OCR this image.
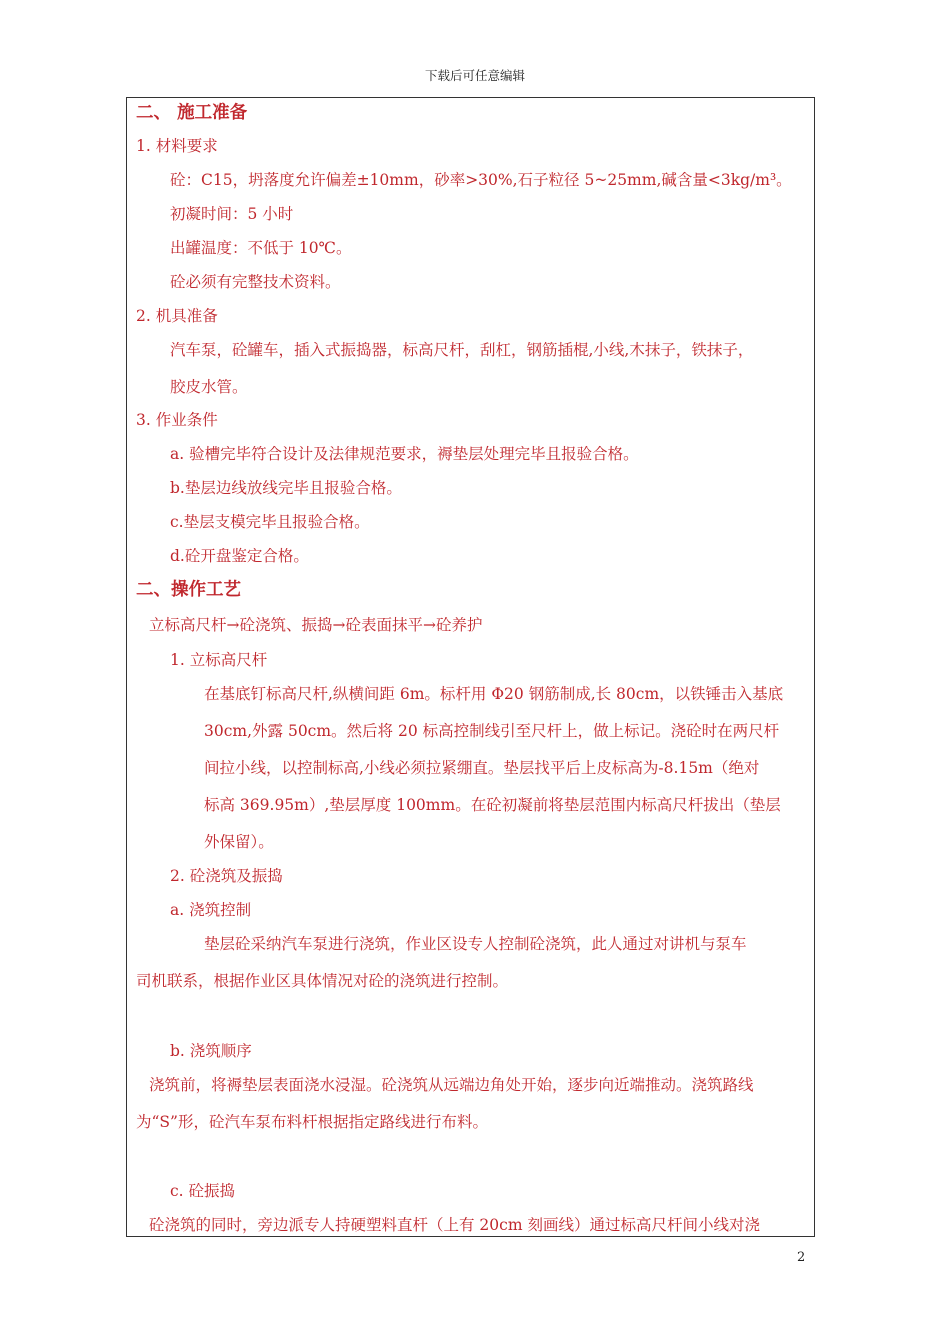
下载后可任意编辑
二、 施工准备
1. 材料要求
砼：C15，坍落度允许偏差±10mm，砂率>30%,石子粒径 5~25mm,碱含量<3kg/m³。
初凝时间：5 小时
出罐温度：不低于 10℃。
砼必须有完整技术资料。
2. 机具准备
汽车泵，砼罐车，插入式振捣器，标高尺杆，刮杠，钢筋插棍,小线,木抹子，铁抹子，
胶皮水管。
3. 作业条件
a. 验槽完毕符合设计及法律规范要求，褥垫层处理完毕且报验合格。
b.垫层边线放线完毕且报验合格。
c.垫层支模完毕且报验合格。
d.砼开盘鉴定合格。
二、操作工艺
立标高尺杆→砼浇筑、振捣→砼表面抹平→砼养护
1. 立标高尺杆
在基底钉标高尺杆,纵横间距 6m。标杆用 Φ20 钢筋制成,长 80cm，以铁锤击入基底
30cm,外露 50cm。然后将 20 标高控制线引至尺杆上，做上标记。浇砼时在两尺杆
间拉小线，以控制标高,小线必须拉紧绷直。垫层找平后上皮标高为-8.15m（绝对
标高 369.95m）,垫层厚度 100mm。在砼初凝前将垫层范围内标高尺杆拔出（垫层
外保留）。
2. 砼浇筑及振捣
a. 浇筑控制
垫层砼采纳汽车泵进行浇筑，作业区设专人控制砼浇筑，此人通过对讲机与泵车
司机联系，根据作业区具体情况对砼的浇筑进行控制。
b. 浇筑顺序
浇筑前，将褥垫层表面浇水浸湿。砼浇筑从远端边角处开始，逐步向近端推动。浇筑路线
为“S”形，砼汽车泵布料杆根据指定路线进行布料。
c. 砼振捣
砼浇筑的同时，旁边派专人持硬塑料直杆（上有 20cm 刻画线）通过标高尺杆间小线对浇
2
